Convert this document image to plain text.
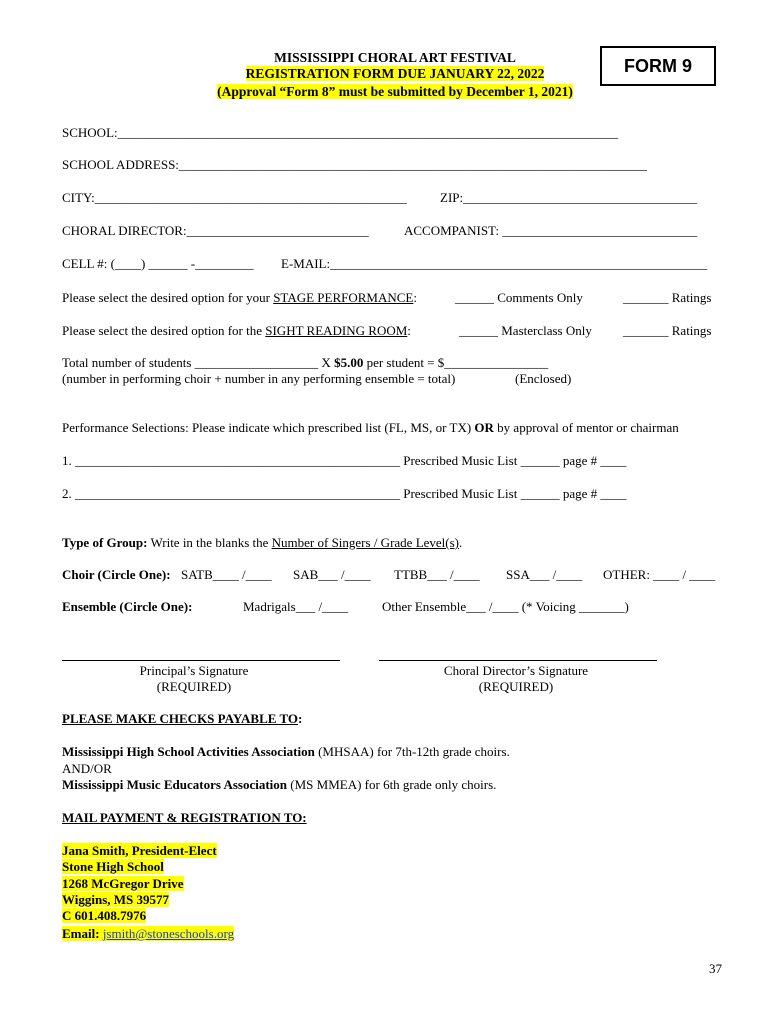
MISSISSIPPI CHORAL ART FESTIVAL
REGISTRATION FORM DUE JANUARY 22, 2022
(Approval “Form 8” must be submitted by December 1, 2021)
FORM 9
SCHOOL:_____________________________________________________________________________
SCHOOL ADDRESS:________________________________________________________________________
CITY:________________________________________________	ZIP:____________________________________
CHORAL DIRECTOR:____________________________	ACCOMPANIST: ______________________________
CELL #: (____) ______ -_________ E-MAIL:__________________________________________________________
Please select the desired option for your STAGE PERFORMANCE:	______ Comments Only	_______ Ratings
Please select the desired option for the SIGHT READING ROOM:	______ Masterclass Only _______ Ratings
Total number of students ___________________ X $5.00 per student = $________________
(number in performing choir + number in any performing ensemble = total)	(Enclosed)
Performance Selections: Please indicate which prescribed list (FL, MS, or TX) OR by approval of mentor or chairman
1. __________________________________________________ Prescribed Music List ______ page # ____
2. __________________________________________________ Prescribed Music List ______ page # ____
Type of Group: Write in the blanks the Number of Singers / Grade Level(s).
Choir (Circle One): SATB____ /____ SAB___ /____ TTBB___ /____ SSA___ /____ OTHER: ____ / ____
Ensemble (Circle One):	Madrigals___ /____	Other Ensemble___ /____ (* Voicing _______)
Principal’s Signature
(REQUIRED)
Choral Director’s Signature
(REQUIRED)
PLEASE MAKE CHECKS PAYABLE TO:
Mississippi High School Activities Association (MHSAA) for 7th-12th grade choirs.
AND/OR
Mississippi Music Educators Association (MS MMEA) for 6th grade only choirs.
MAIL PAYMENT & REGISTRATION TO:
Jana Smith, President-Elect
Stone High School
1268 McGregor Drive
Wiggins, MS 39577
C 601.408.7976
Email: jsmith@stoneschools.org
37
